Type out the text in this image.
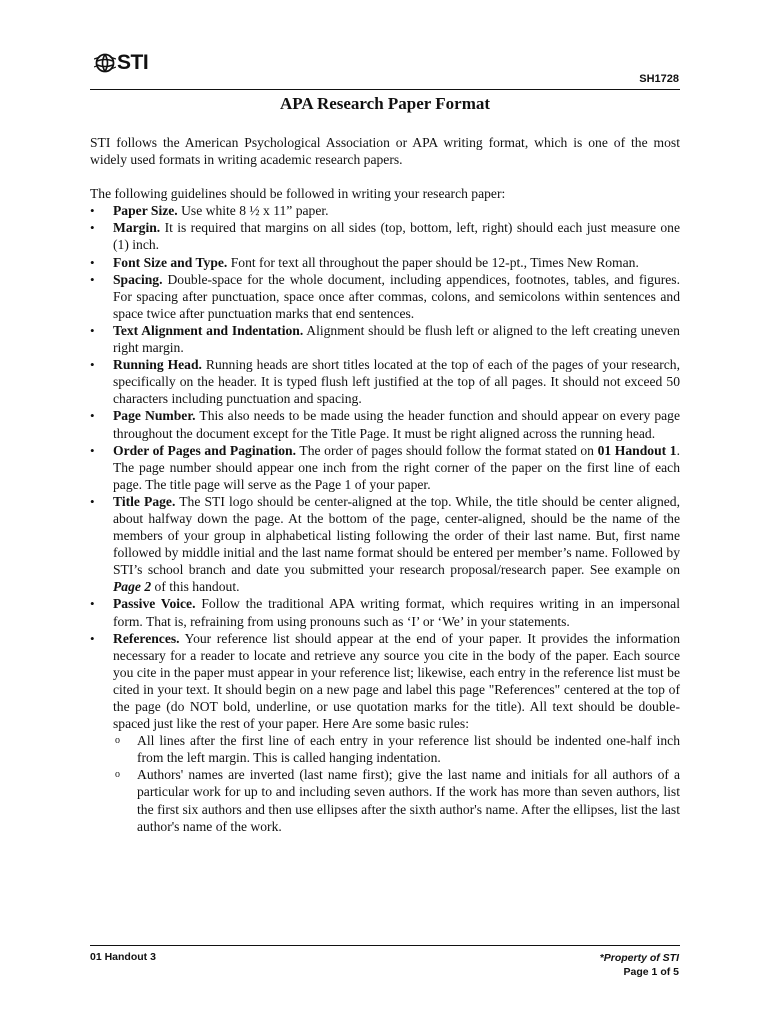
STI
SH1728
APA Research Paper Format

STI follows the American Psychological Association or APA writing format, which is one of the most widely used formats in writing academic research papers.

The following guidelines should be followed in writing your research paper:

• Paper Size. Use white 8 ½ x 11” paper.
• Margin. It is required that margins on all sides (top, bottom, left, right) should each just measure one (1) inch.
• Font Size and Type. Font for text all throughout the paper should be 12-pt., Times New Roman.
• Spacing. Double-space for the whole document, including appendices, footnotes, tables, and figures. For spacing after punctuation, space once after commas, colons, and semicolons within sentences and space twice after punctuation marks that end sentences.
• Text Alignment and Indentation. Alignment should be flush left or aligned to the left creating uneven right margin.
• Running Head. Running heads are short titles located at the top of each of the pages of your research, specifically on the header. It is typed flush left justified at the top of all pages. It should not exceed 50 characters including punctuation and spacing.
• Page Number. This also needs to be made using the header function and should appear on every page throughout the document except for the Title Page. It must be right aligned across the running head.
• Order of Pages and Pagination. The order of pages should follow the format stated on 01 Handout 1. The page number should appear one inch from the right corner of the paper on the first line of each page. The title page will serve as the Page 1 of your paper.
• Title Page. The STI logo should be center-aligned at the top. While, the title should be center aligned, about halfway down the page. At the bottom of the page, center-aligned, should be the name of the members of your group in alphabetical listing following the order of their last name. But, first name followed by middle initial and the last name format should be entered per member’s name. Followed by STI’s school branch and date you submitted your research proposal/research paper. See example on Page 2 of this handout.
• Passive Voice. Follow the traditional APA writing format, which requires writing in an impersonal form. That is, refraining from using pronouns such as ‘I’ or ‘We’ in your statements.
• References. Your reference list should appear at the end of your paper. It provides the information necessary for a reader to locate and retrieve any source you cite in the body of the paper. Each source you cite in the paper must appear in your reference list; likewise, each entry in the reference list must be cited in your text. It should begin on a new page and label this page "References" centered at the top of the page (do NOT bold, underline, or use quotation marks for the title). All text should be double-spaced just like the rest of your paper. Here Are some basic rules:
o All lines after the first line of each entry in your reference list should be indented one-half inch from the left margin. This is called hanging indentation.
o Authors' names are inverted (last name first); give the last name and initials for all authors of a particular work for up to and including seven authors. If the work has more than seven authors, list the first six authors and then use ellipses after the sixth author's name. After the ellipses, list the last author's name of the work.
01 Handout 3	*Property of STI
Page 1 of 5
